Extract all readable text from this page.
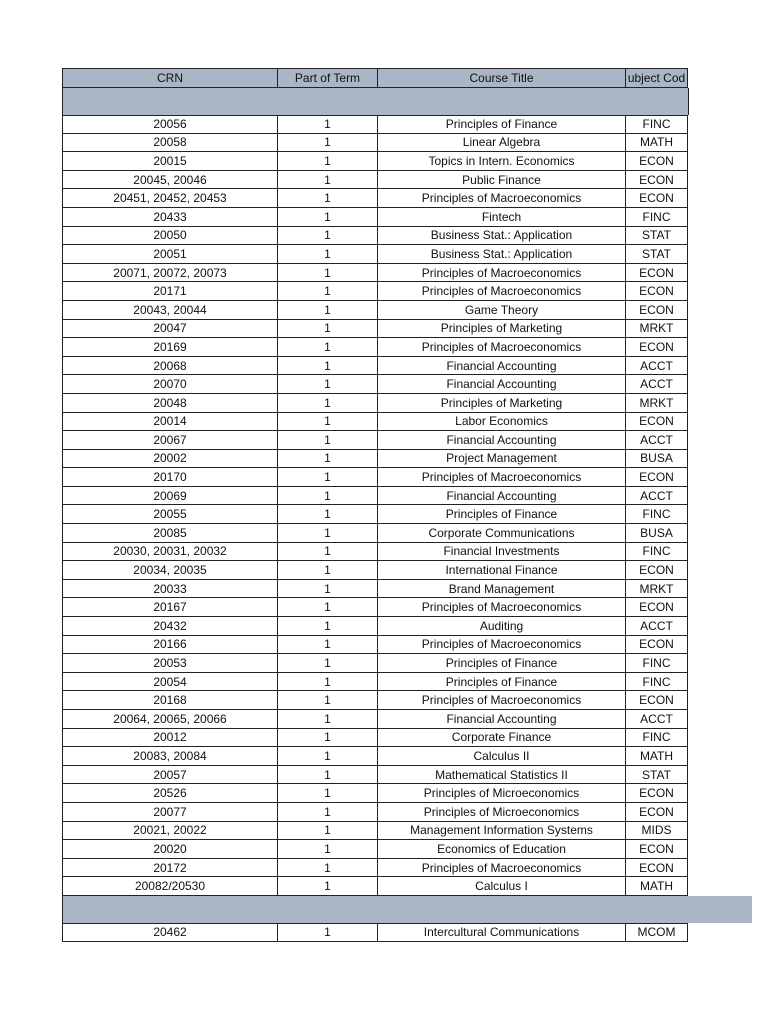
CRN	Part of Term	Course Title	ubject Cod
20056	1	Principles of Finance	FINC
20058	1	Linear Algebra	MATH
20015	1	Topics in Intern. Economics	ECON
20045, 20046	1	Public Finance	ECON
20451, 20452, 20453	1	Principles of Macroeconomics	ECON
20433	1	Fintech	FINC
20050	1	Business Stat.: Application	STAT
20051	1	Business Stat.: Application	STAT
20071, 20072, 20073	1	Principles of Macroeconomics	ECON
20171	1	Principles of Macroeconomics	ECON
20043, 20044	1	Game Theory	ECON
20047	1	Principles of Marketing	MRKT
20169	1	Principles of Macroeconomics	ECON
20068	1	Financial Accounting	ACCT
20070	1	Financial Accounting	ACCT
20048	1	Principles of Marketing	MRKT
20014	1	Labor Economics	ECON
20067	1	Financial Accounting	ACCT
20002	1	Project Management	BUSA
20170	1	Principles of Macroeconomics	ECON
20069	1	Financial Accounting	ACCT
20055	1	Principles of Finance	FINC
20085	1	Corporate Communications	BUSA
20030, 20031, 20032	1	Financial Investments	FINC
20034, 20035	1	International Finance	ECON
20033	1	Brand Management	MRKT
20167	1	Principles of Macroeconomics	ECON
20432	1	Auditing	ACCT
20166	1	Principles of Macroeconomics	ECON
20053	1	Principles of Finance	FINC
20054	1	Principles of Finance	FINC
20168	1	Principles of Macroeconomics	ECON
20064, 20065, 20066	1	Financial Accounting	ACCT
20012	1	Corporate Finance	FINC
20083, 20084	1	Calculus II	MATH
20057	1	Mathematical Statistics II	STAT
20526	1	Principles of Microeconomics	ECON
20077	1	Principles of Microeconomics	ECON
20021, 20022	1	Management Information Systems	MIDS
20020	1	Economics of Education	ECON
20172	1	Principles of Macroeconomics	ECON
20082/20530	1	Calculus I	MATH
20462	1	Intercultural Communications	MCOM
